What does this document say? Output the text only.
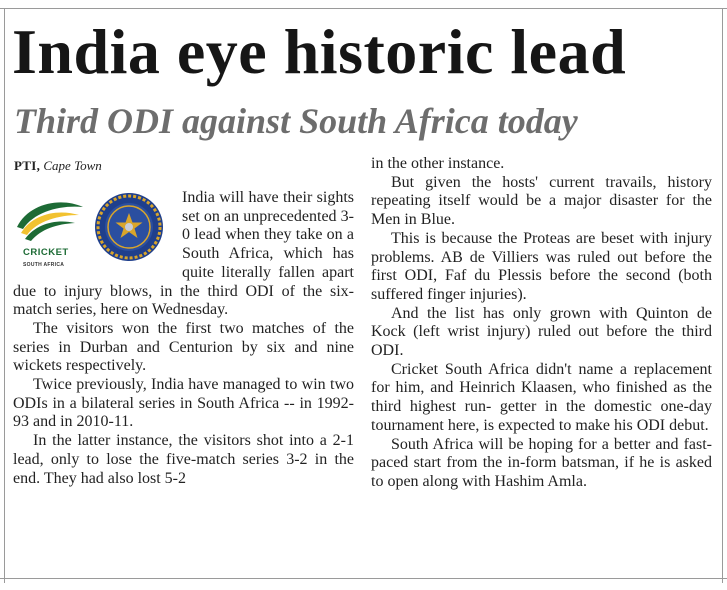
India eye historic lead
Third ODI against South Africa today
PTI, Cape Town
CRICKET
SOUTH AFRICA

India will have their sights set on an unprecedented 3-0 lead when they take on a South Africa, which has quite literally fallen apart due to injury blows, in the third ODI of the six-match series, here on Wednesday.

The visitors won the first two matches of the series in Durban and Centurion by six and nine wickets respectively.

Twice previously, India have managed to win two ODIs in a bilateral series in South Africa -- in 1992-93 and in 2010-11.

In the latter instance, the visitors shot into a 2-1 lead, only to lose the five-match series 3-2 in the end. They had also lost 5-2

in the other instance.

But given the hosts' current travails, history repeating itself would be a major disaster for the Men in Blue.

This is because the Proteas are beset with injury problems. AB de Villiers was ruled out before the first ODI, Faf du Plessis before the second (both suffered finger injuries).

And the list has only grown with Quinton de Kock (left wrist injury) ruled out before the third ODI.

Cricket South Africa didn't name a replacement for him, and Heinrich Klaasen, who finished as the third highest run- getter in the domestic one-day tournament here, is expected to make his ODI debut.

South Africa will be hoping for a better and fast-paced start from the in-form batsman, if he is asked to open along with Hashim Amla.
